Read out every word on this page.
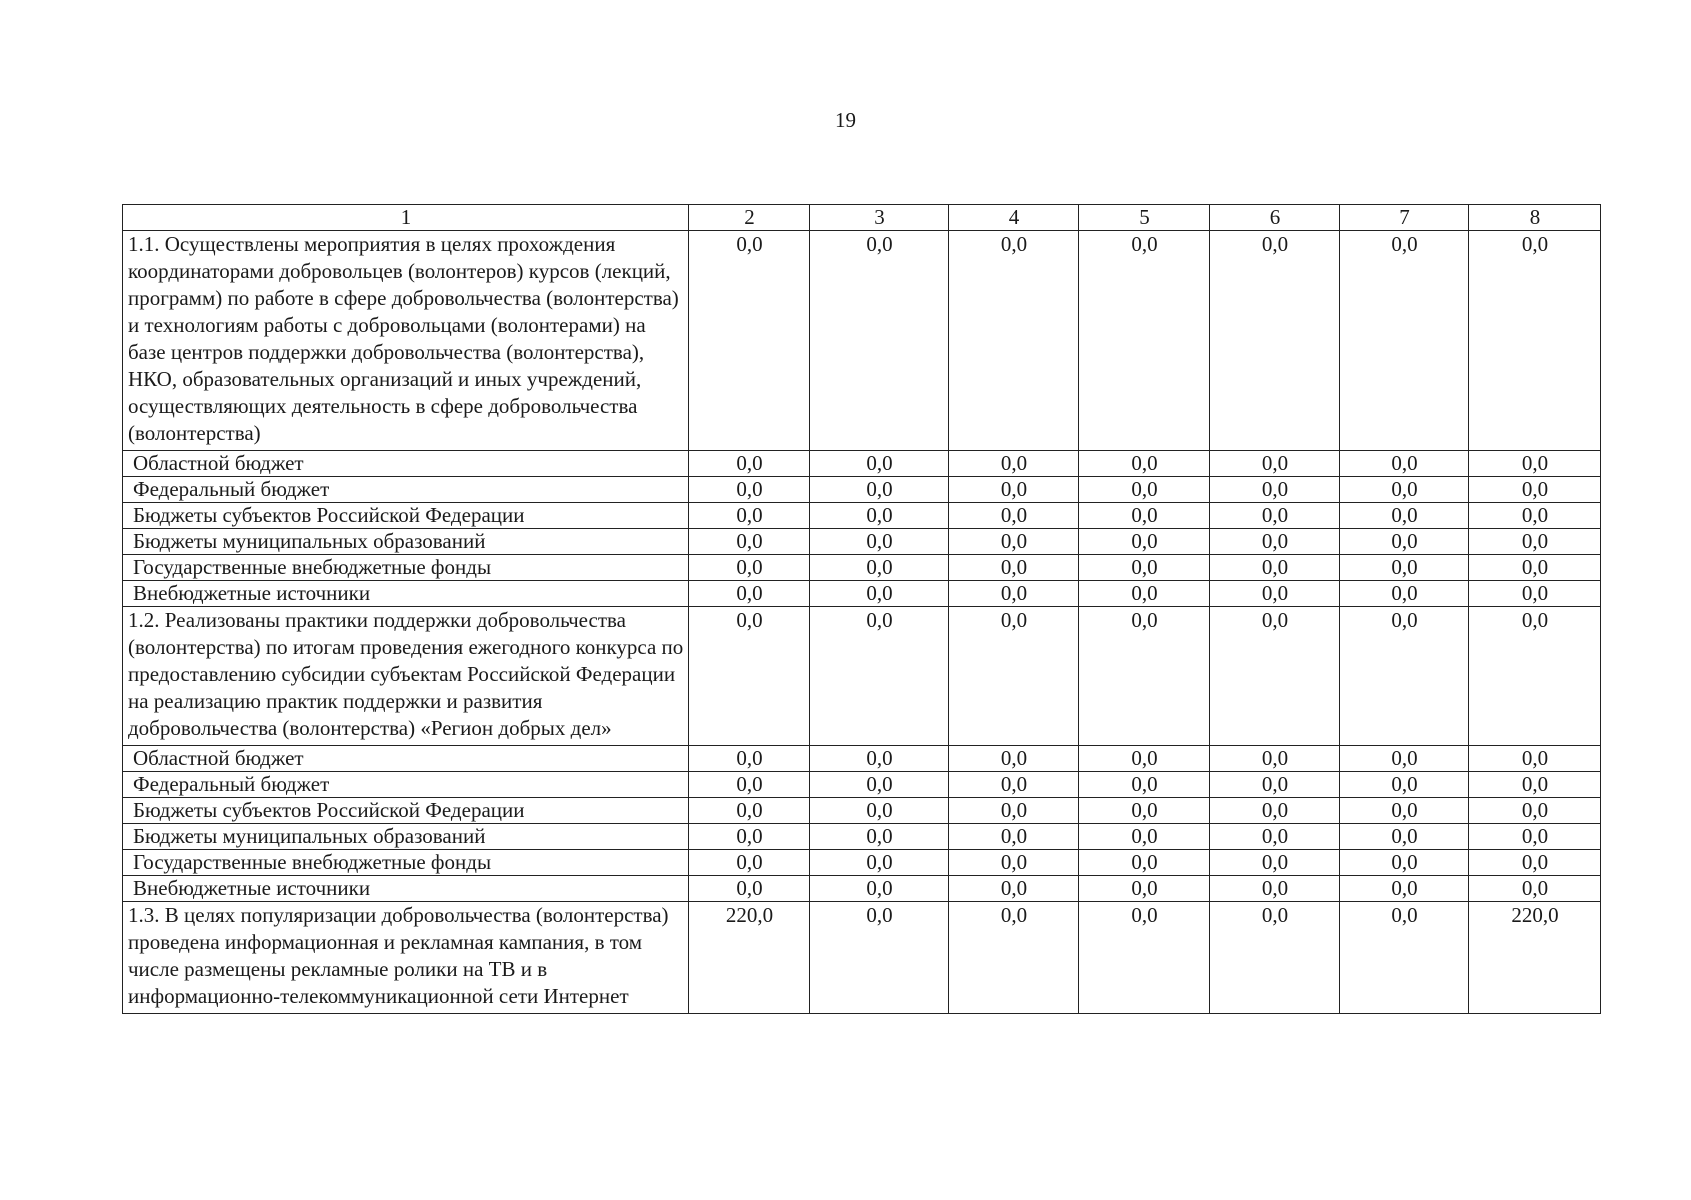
19
1	2	3	4	5	6	7	8
1.1. Осуществлены мероприятия в целях прохождения координаторами добровольцев (волонтеров) курсов (лекций, программ) по работе в сфере добровольчества (волонтерства) и технологиям работы с добровольцами (волонтерами) на базе центров поддержки добровольчества (волонтерства), НКО, образовательных организаций и иных учреждений, осуществляющих деятельность в сфере добровольчества (волонтерства)	0,0	0,0	0,0	0,0	0,0	0,0	0,0
Областной бюджет	0,0	0,0	0,0	0,0	0,0	0,0	0,0
Федеральный бюджет	0,0	0,0	0,0	0,0	0,0	0,0	0,0
Бюджеты субъектов Российской Федерации	0,0	0,0	0,0	0,0	0,0	0,0	0,0
Бюджеты муниципальных образований	0,0	0,0	0,0	0,0	0,0	0,0	0,0
Государственные внебюджетные фонды	0,0	0,0	0,0	0,0	0,0	0,0	0,0
Внебюджетные источники	0,0	0,0	0,0	0,0	0,0	0,0	0,0
1.2. Реализованы практики поддержки добровольчества (волонтерства) по итогам проведения ежегодного конкурса по предоставлению субсидии субъектам Российской Федерации на реализацию практик поддержки и развития добровольчества (волонтерства) «Регион добрых дел»	0,0	0,0	0,0	0,0	0,0	0,0	0,0
Областной бюджет	0,0	0,0	0,0	0,0	0,0	0,0	0,0
Федеральный бюджет	0,0	0,0	0,0	0,0	0,0	0,0	0,0
Бюджеты субъектов Российской Федерации	0,0	0,0	0,0	0,0	0,0	0,0	0,0
Бюджеты муниципальных образований	0,0	0,0	0,0	0,0	0,0	0,0	0,0
Государственные внебюджетные фонды	0,0	0,0	0,0	0,0	0,0	0,0	0,0
Внебюджетные источники	0,0	0,0	0,0	0,0	0,0	0,0	0,0
1.3. В целях популяризации добровольчества (волонтерства) проведена информационная и рекламная кампания, в том числе размещены рекламные ролики на ТВ и в информационно-телекоммуникационной сети Интернет	220,0	0,0	0,0	0,0	0,0	0,0	220,0
